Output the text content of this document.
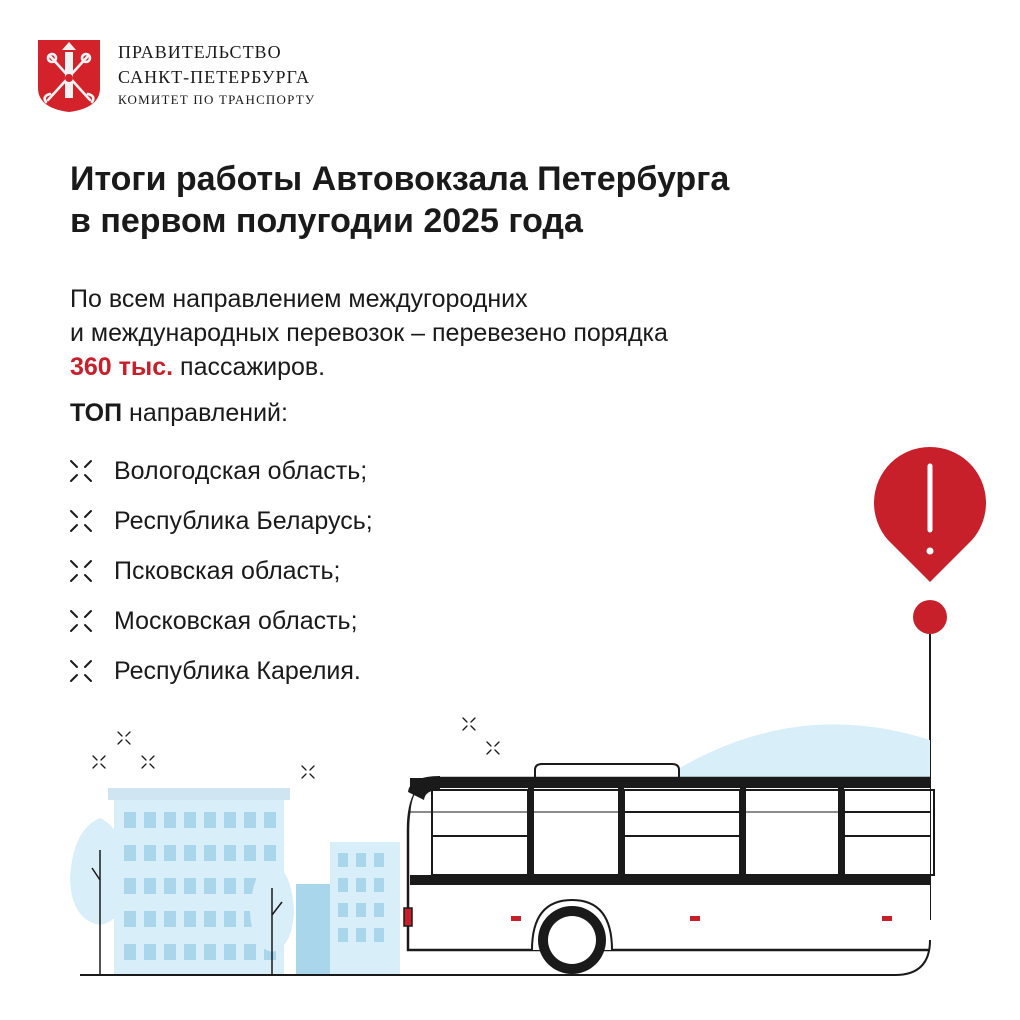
ПРАВИТЕЛЬСТВО
САНКТ-ПЕТЕРБУРГА
КОМИТЕТ ПО ТРАНСПОРТУ
Итоги работы Автовокзала Петербурга
в первом полугодии 2025 года
По всем направлением междугородних
и международных перевозок – перевезено порядка
360 тыс. пассажиров.
ТОП направлений:
Вологодская область;
Республика Беларусь;
Псковская область;
Московская область;
Республика Карелия.
